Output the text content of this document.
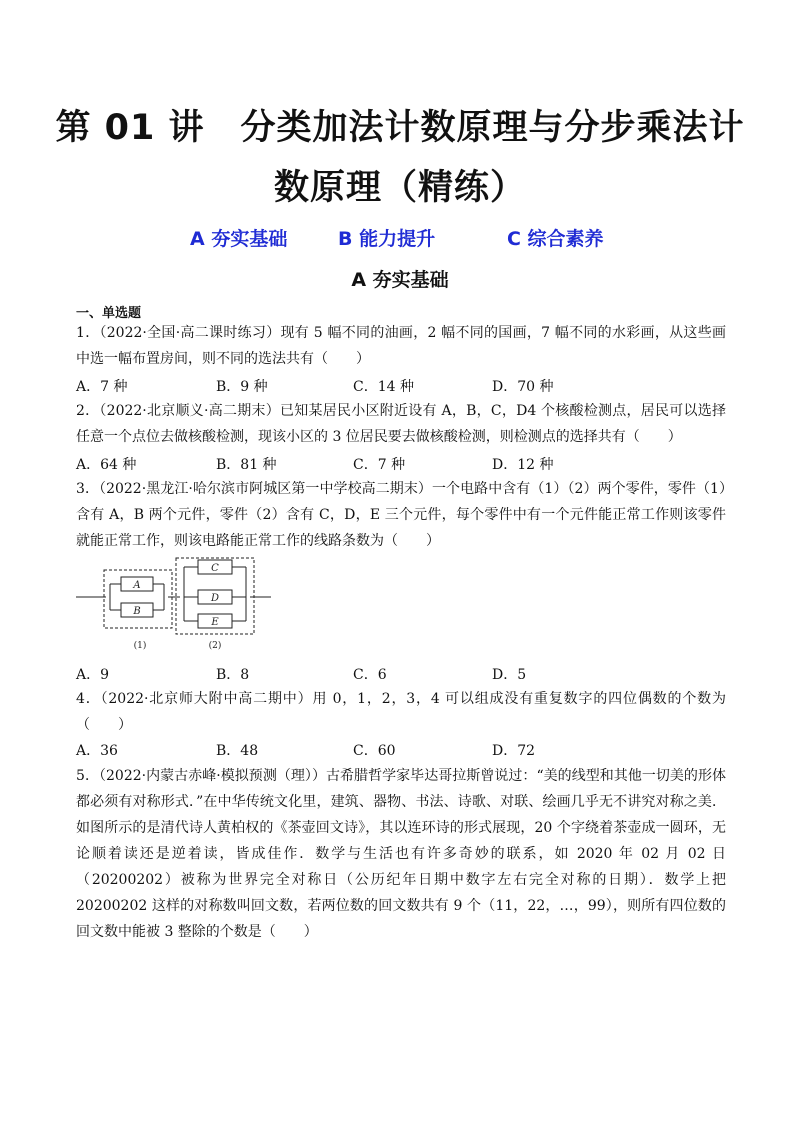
第 01 讲　分类加法计数原理与分步乘法计
数原理（精练）
A 夯实基础	B 能力提升	C 综合素养
A 夯实基础
一、单选题
1．（2022·全国·高二课时练习）现有 5 幅不同的油画，2 幅不同的国画，7 幅不同的水彩画，从这些画中选一幅布置房间，则不同的选法共有（　　）
A．7 种	B．9 种	C．14 种	D．70 种
2．（2022·北京顺义·高二期末）已知某居民小区附近设有 A，B，C，D4 个核酸检测点，居民可以选择任意一个点位去做核酸检测，现该小区的 3 位居民要去做核酸检测，则检测点的选择共有（　　）
A．64 种	B．81 种	C．7 种	D．12 种
3．（2022·黑龙江·哈尔滨市阿城区第一中学校高二期末）一个电路中含有（1）（2）两个零件，零件（1）含有 A，B 两个元件，零件（2）含有 C，D，E 三个元件，每个零件中有一个元件能正常工作则该零件就能正常工作，则该电路能正常工作的线路条数为（　　）
A
B
C
D
E
(1)	(2)
A．9	B．8	C．6	D．5
4．（2022·北京师大附中高二期中）用 0，1，2，3，4 可以组成没有重复数字的四位偶数的个数为（　　）
A．36	B．48	C．60	D．72
5．（2022·内蒙古赤峰·模拟预测（理））古希腊哲学家毕达哥拉斯曾说过：“美的线型和其他一切美的形体都必须有对称形式．”在中华传统文化里，建筑、器物、书法、诗歌、对联、绘画几乎无不讲究对称之美．如图所示的是清代诗人黄柏权的《茶壶回文诗》，其以连环诗的形式展现，20 个字绕着茶壶成一圆环，无论顺着读还是逆着读，皆成佳作．数学与生活也有许多奇妙的联系，如 2020 年 02 月 02 日（20200202）被称为世界完全对称日（公历纪年日期中数字左右完全对称的日期）．数学上把 20200202 这样的对称数叫回文数，若两位数的回文数共有 9 个（11，22，…，99），则所有四位数的回文数中能被 3 整除的个数是（　　）
